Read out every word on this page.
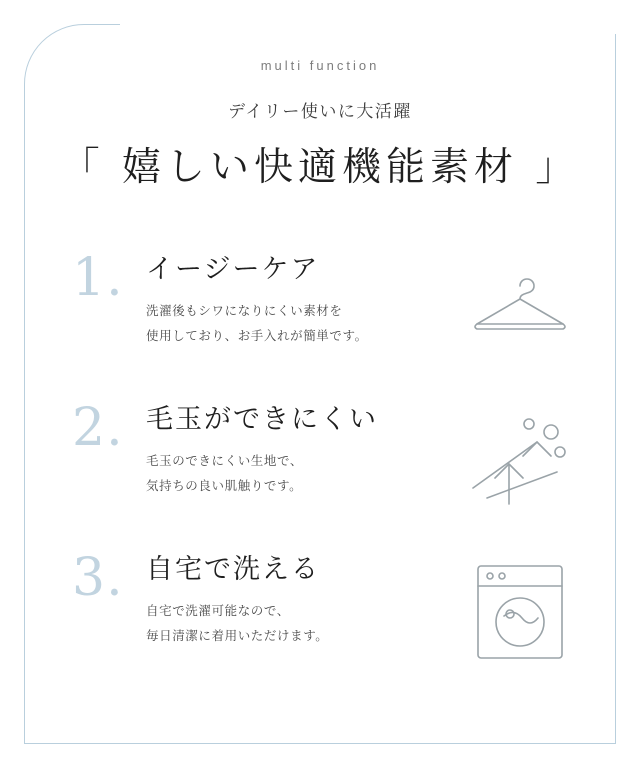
multi function
デイリー使いに大活躍
「 嬉しい快適機能素材 」
1. イージーケア
洗濯後もシワになりにくい素材を
使用しており、お手入れが簡単です。
2. 毛玉ができにくい
毛玉のできにくい生地で、
気持ちの良い肌触りです。
3. 自宅で洗える
自宅で洗濯可能なので、
毎日清潔に着用いただけます。
